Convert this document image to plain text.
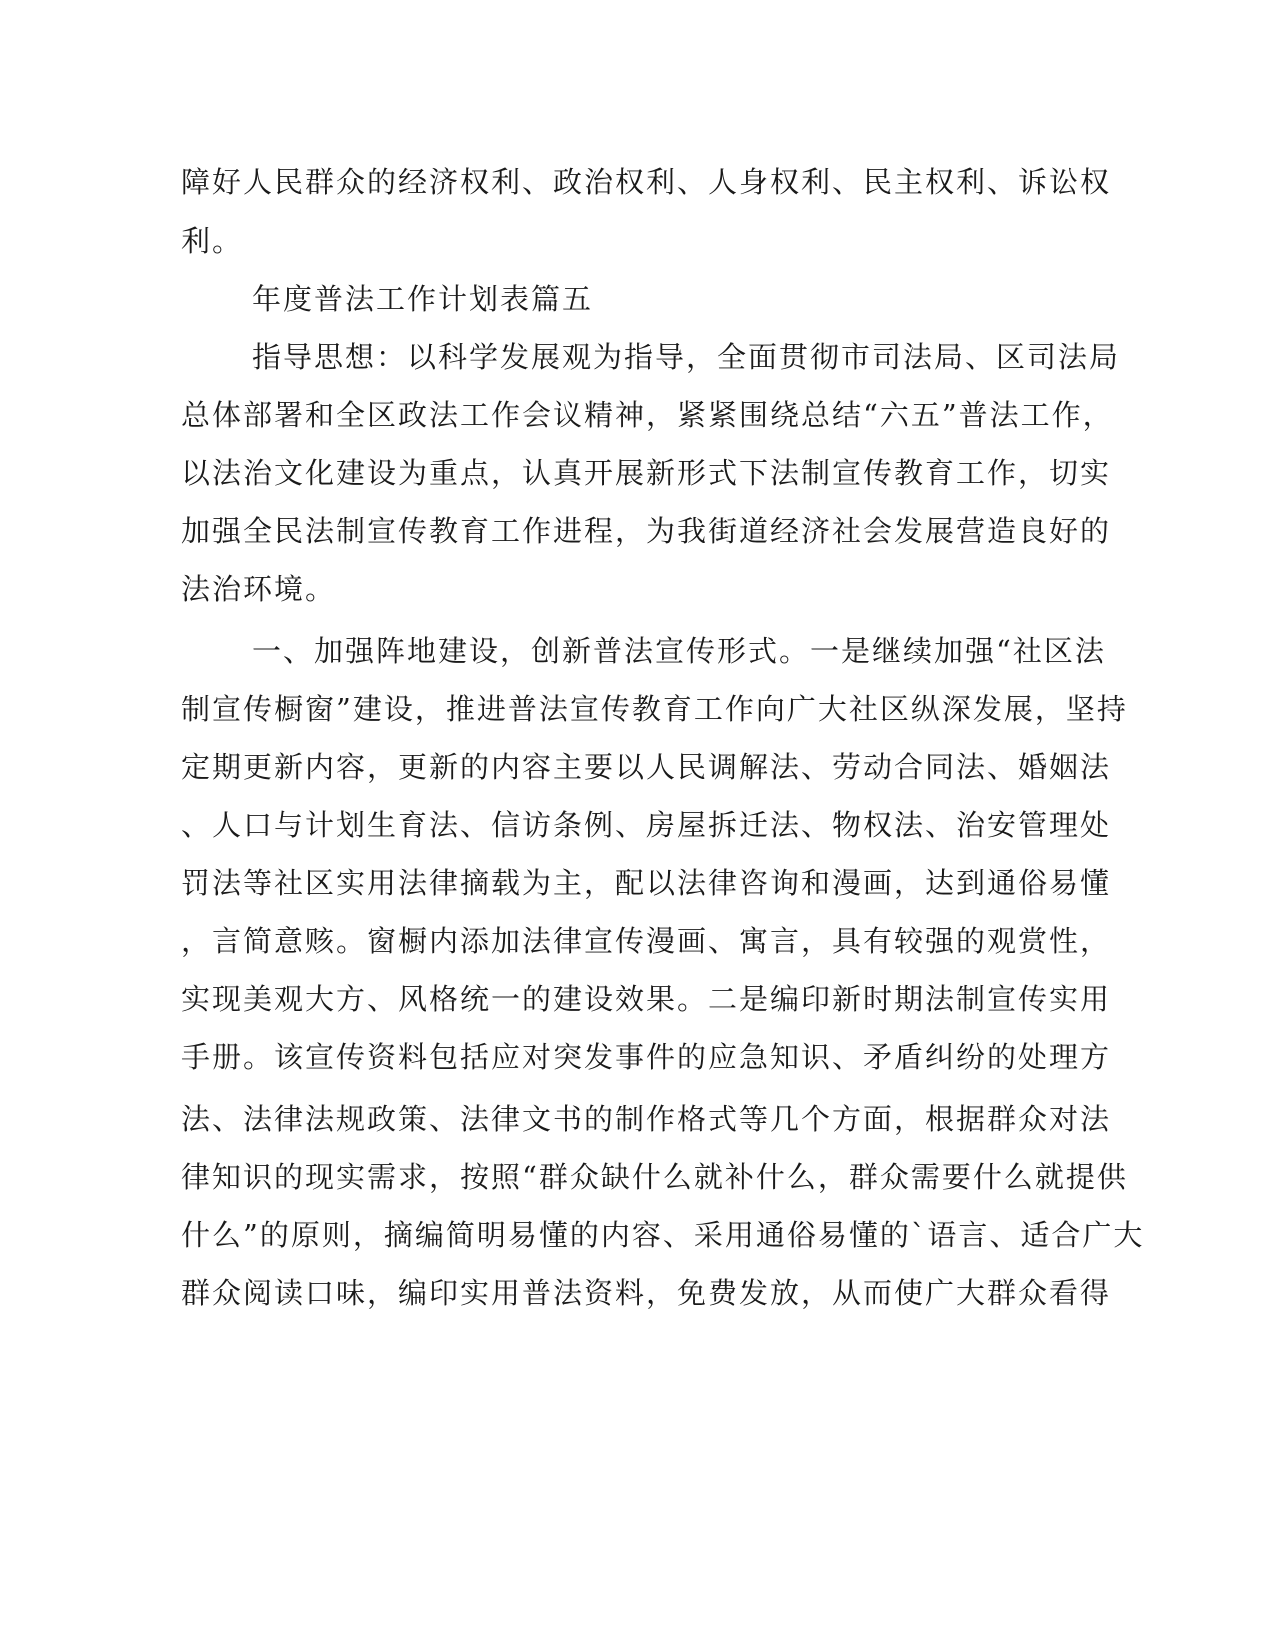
障好人民群众的经济权利、政治权利、人身权利、民主权利、诉讼权
利。
年度普法工作计划表篇五
指导思想：以科学发展观为指导，全面贯彻市司法局、区司法局
总体部署和全区政法工作会议精神，紧紧围绕总结“六五”普法工作，
以法治文化建设为重点，认真开展新形式下法制宣传教育工作，切实
加强全民法制宣传教育工作进程，为我街道经济社会发展营造良好的
法治环境。
一、加强阵地建设，创新普法宣传形式。一是继续加强“社区法
制宣传橱窗”建设，推进普法宣传教育工作向广大社区纵深发展，坚持
定期更新内容，更新的内容主要以人民调解法、劳动合同法、婚姻法
、人口与计划生育法、信访条例、房屋拆迁法、物权法、治安管理处
罚法等社区实用法律摘载为主，配以法律咨询和漫画，达到通俗易懂
，言简意赅。窗橱内添加法律宣传漫画、寓言，具有较强的观赏性，
实现美观大方、风格统一的建设效果。二是编印新时期法制宣传实用
手册。该宣传资料包括应对突发事件的应急知识、矛盾纠纷的处理方
法、法律法规政策、法律文书的制作格式等几个方面，根据群众对法
律知识的现实需求，按照“群众缺什么就补什么，群众需要什么就提供
什么”的原则，摘编简明易懂的内容、采用通俗易懂的`语言、适合广大
群众阅读口味，编印实用普法资料，免费发放，从而使广大群众看得
